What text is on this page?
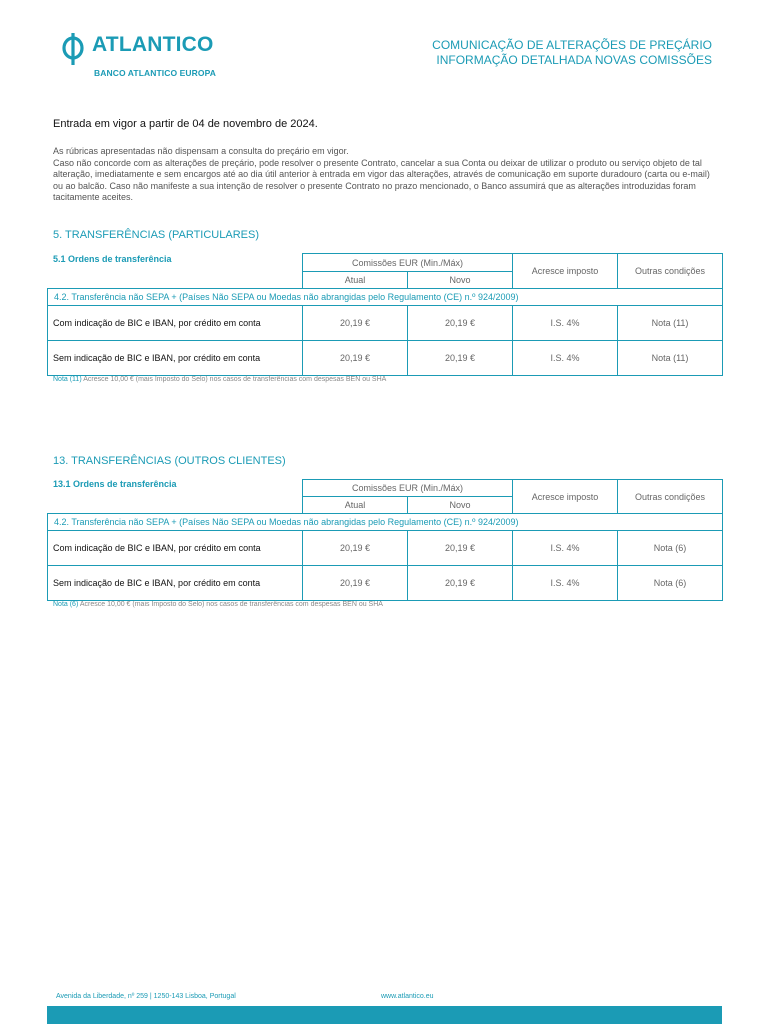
ATLANTICO
BANCO ATLANTICO EUROPA
COMUNICAÇÃO DE ALTERAÇÕES DE PREÇÁRIO
INFORMAÇÃO DETALHADA NOVAS COMISSÕES
Entrada em vigor a partir de 04 de novembro de 2024.

As rúbricas apresentadas não dispensam a consulta do preçário em vigor.

Caso não concorde com as alterações de preçário, pode resolver o presente Contrato, cancelar a sua Conta ou deixar de utilizar o produto ou serviço objeto de tal alteração, imediatamente e sem encargos até ao dia útil anterior à entrada em vigor das alterações, através de comunicação em suporte duradouro (carta ou e-mail) ou ao balcão. Caso não manifeste a sua intenção de resolver o presente Contrato no prazo mencionado, o Banco assumirá que as alterações introduzidas foram tacitamente aceites.

5. TRANSFERÊNCIAS (PARTICULARES)
5.1 Ordens de transferência
		Comissões EUR (Min./Máx)		Acresce imposto	Outras condições
	Atual	Novo		
4.2. Transferência não SEPA + (Países Não SEPA ou Moedas não abrangidas pelo Regulamento (CE) n.º 924/2009)				
Com indicação de BIC e IBAN, por crédito em conta	20,19 €	20,19 €	I.S. 4%	Nota (11)
Sem indicação de BIC e IBAN, por crédito em conta	20,19 €	20,19 €	I.S. 4%	Nota (11)
Nota (11) Acresce 10,00 € (mais Imposto do Selo) nos casos de transferências com despesas BEN ou SHA
13. TRANSFERÊNCIAS (OUTROS CLIENTES)
13.1 Ordens de transferência
		Comissões EUR (Min./Máx)		Acresce imposto	Outras condições
	Atual	Novo		
4.2. Transferência não SEPA + (Países Não SEPA ou Moedas não abrangidas pelo Regulamento (CE) n.º 924/2009)				
Com indicação de BIC e IBAN, por crédito em conta	20,19 €	20,19 €	I.S. 4%	Nota (6)
Sem indicação de BIC e IBAN, por crédito em conta	20,19 €	20,19 €	I.S. 4%	Nota (6)
Nota (6) Acresce 10,00 € (mais Imposto do Selo) nos casos de transferências com despesas BEN ou SHA
Avenida da Liberdade, nº 259 | 1250-143 Lisboa, Portugal	www.atlantico.eu
